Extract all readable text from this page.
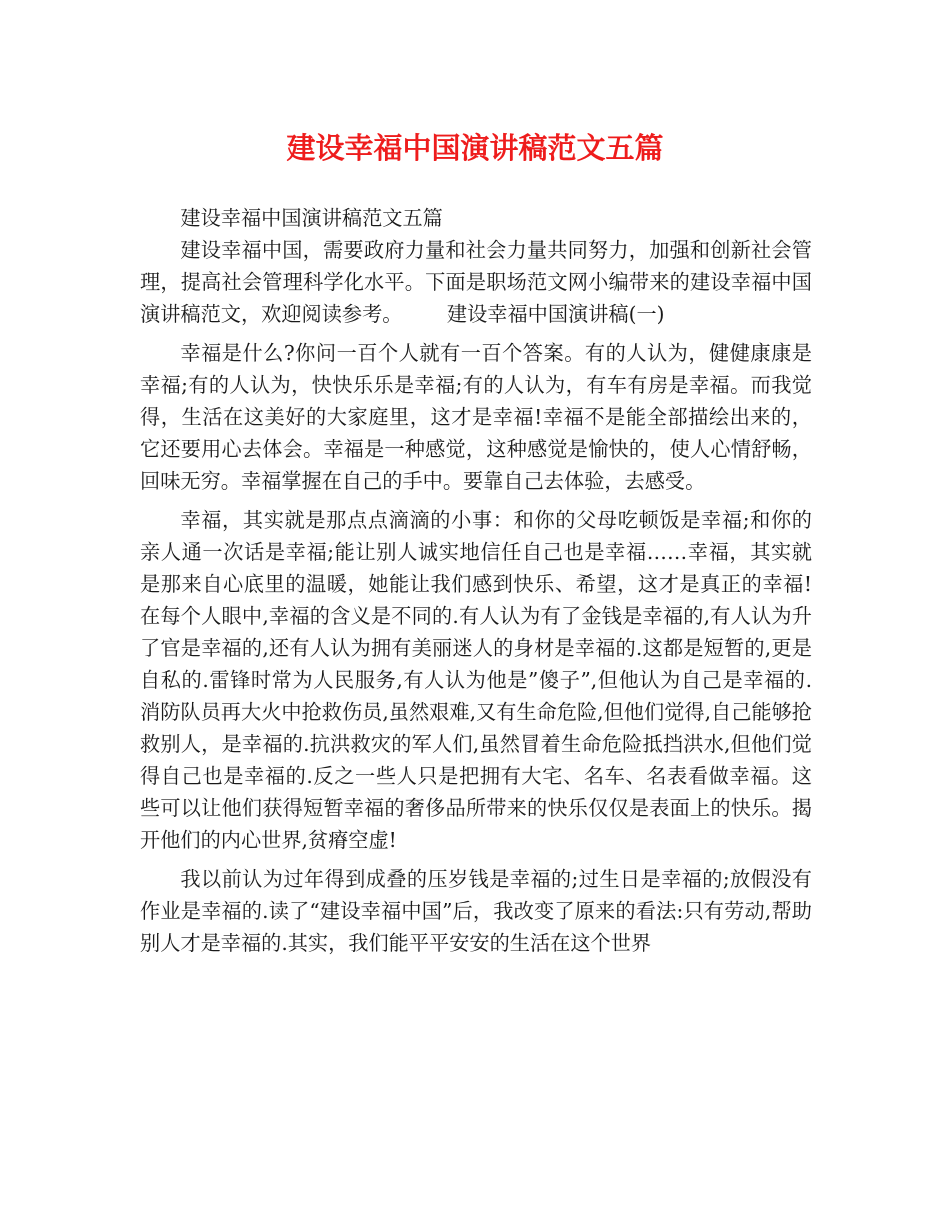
建设幸福中国演讲稿范文五篇

建设幸福中国演讲稿范文五篇

建设幸福中国，需要政府力量和社会力量共同努力，加强和创新社会管理，提高社会管理科学化水平。下面是职场范文网小编带来的建设幸福中国演讲稿范文，欢迎阅读参考。 建设幸福中国演讲稿(一)

幸福是什么?你问一百个人就有一百个答案。有的人认为，健健康康是幸福;有的人认为，快快乐乐是幸福;有的人认为，有车有房是幸福。而我觉得，生活在这美好的大家庭里，这才是幸福!幸福不是能全部描绘出来的，它还要用心去体会。幸福是一种感觉，这种感觉是愉快的，使人心情舒畅，回味无穷。幸福掌握在自己的手中。要靠自己去体验，去感受。

幸福，其实就是那点点滴滴的小事：和你的父母吃顿饭是幸福;和你的亲人通一次话是幸福;能让别人诚实地信任自己也是幸福……幸福，其实就是那来自心底里的温暖，她能让我们感到快乐、希望，这才是真正的幸福!在每个人眼中,幸福的含义是不同的.有人认为有了金钱是幸福的,有人认为升了官是幸福的,还有人认为拥有美丽迷人的身材是幸福的.这都是短暂的,更是自私的.雷锋时常为人民服务,有人认为他是”傻子”,但他认为自己是幸福的.消防队员再大火中抢救伤员,虽然艰难,又有生命危险,但他们觉得,自己能够抢救别人，是幸福的.抗洪救灾的军人们,虽然冒着生命危险抵挡洪水,但他们觉得自己也是幸福的.反之一些人只是把拥有大宅、名车、名表看做幸福。这些可以让他们获得短暂幸福的奢侈品所带来的快乐仅仅是表面上的快乐。揭开他们的内心世界,贫瘠空虚!

我以前认为过年得到成叠的压岁钱是幸福的;过生日是幸福的;放假没有作业是幸福的.读了“建设幸福中国”后，我改变了原来的看法:只有劳动,帮助别人才是幸福的.其实，我们能平平安安的生活在这个世界
